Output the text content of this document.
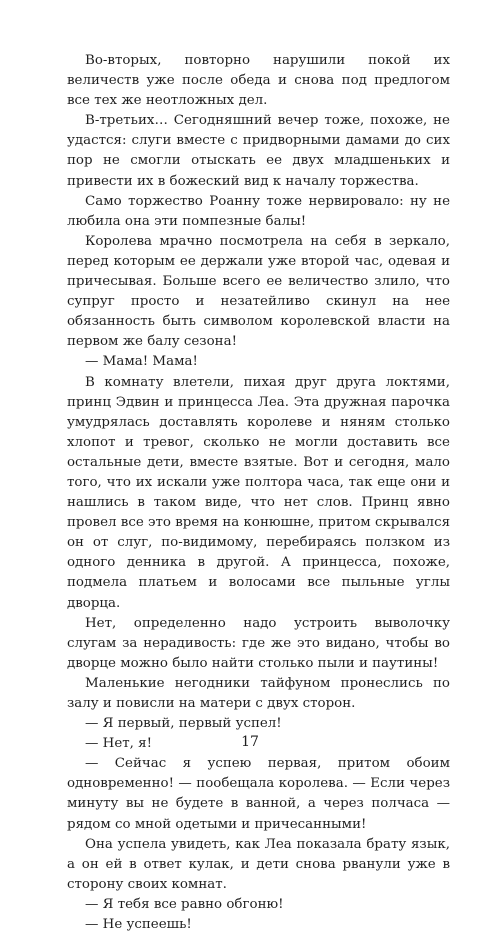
Во-вторых, повторно нарушили покой их величеств уже после обеда и снова под предлогом все тех же неотложных дел.

В-третьих… Сегодняшний вечер тоже, похоже, не удастся: слуги вместе с придворными дамами до сих пор не смогли отыскать ее двух младшеньких и привести их в божеский вид к началу торжества.

Само торжество Роанну тоже нервировало: ну не любила она эти помпезные балы!

Королева мрачно посмотрела на себя в зеркало, перед которым ее держали уже второй час, одевая и причесывая. Больше всего ее величество злило, что супруг просто и незатейливо скинул на нее обязанность быть символом королевской власти на первом же балу сезона!

— Мама! Мама!

В комнату влетели, пихая друг друга локтями, принц Эдвин и принцесса Леа. Эта дружная парочка умудрялась доставлять королеве и няням столько хлопот и тревог, сколько не могли доставить все остальные дети, вместе взятые. Вот и сегодня, мало того, что их искали уже полтора часа, так еще они и нашлись в таком виде, что нет слов. Принц явно провел все это время на конюшне, притом скрывался он от слуг, по-видимому, перебираясь ползком из одного денника в другой. А принцесса, похоже, подмела платьем и волосами все пыльные углы дворца.

Нет, определенно надо устроить выволочку слугам за нерадивость: где же это видано, чтобы во дворце можно было найти столько пыли и паутины!

Маленькие негодники тайфуном пронеслись по залу и повисли на матери с двух сторон.

— Я первый, первый успел!

— Нет, я!

— Сейчас я успею первая, притом обоим одновременно! — пообещала королева. — Если через минуту вы не будете в ванной, а через полчаса — рядом со мной одетыми и причесанными!

Она успела увидеть, как Леа показала брату язык, а он ей в ответ кулак, и дети снова рванули уже в сторону своих комнат.

— Я тебя все равно обгоню!

— Не успеешь!

17
